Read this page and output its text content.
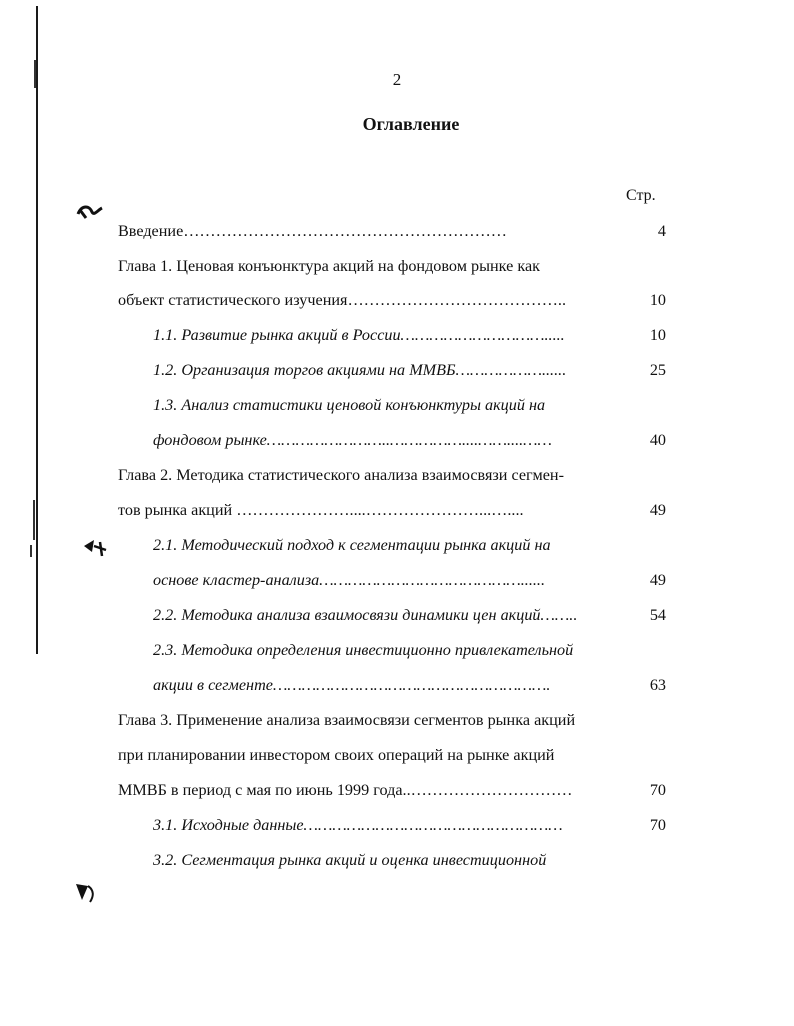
2
Оглавление
Стр.
Введение……………………………………………………	4
Глава 1. Ценовая конъюнктура акций на фондовом рынке как
объект статистического изучения…………………………………..	10
1.1. Развитие рынка акций в России………………………….....	10
1.2. Организация торгов акциями на ММВБ………………......	25
1.3. Анализ статистики ценовой конъюнктуры акций на
фондовом рынке……………………..……………....……....……	40
Глава 2. Методика статистического анализа взаимосвязи сегмен-
тов рынка акций …………………....…………………...…....	49
2.1. Методический подход к сегментации рынка акций на
основе кластер-анализа……………………………………......	49
2.2. Методика анализа взаимосвязи динамики цен акций……..	54
2.3. Методика определения инвестиционно привлекательной
акции в сегменте………………………………………………….	63
Глава 3. Применение анализа взаимосвязи сегментов рынка акций
при планировании инвестором своих операций на рынке акций
ММВБ в период с мая по июнь 1999 года..…………………………	70
3.1. Исходные данные………………………………………………	70
3.2. Сегментация рынка акций и оценка инвестиционной
